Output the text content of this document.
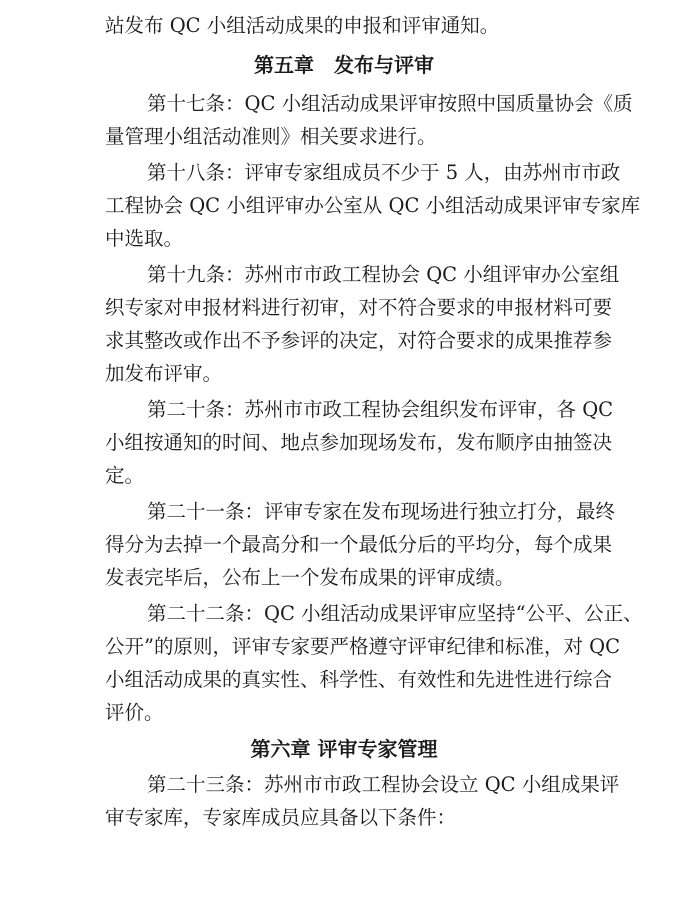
站发布 QC 小组活动成果的申报和评审通知。
第五章　发布与评审
第十七条：QC 小组活动成果评审按照中国质量协会《质
量管理小组活动准则》相关要求进行。
第十八条：评审专家组成员不少于 5 人，由苏州市市政
工程协会 QC 小组评审办公室从 QC 小组活动成果评审专家库
中选取。
第十九条：苏州市市政工程协会 QC 小组评审办公室组
织专家对申报材料进行初审，对不符合要求的申报材料可要
求其整改或作出不予参评的决定，对符合要求的成果推荐参
加发布评审。
第二十条：苏州市市政工程协会组织发布评审，各 QC
小组按通知的时间、地点参加现场发布，发布顺序由抽签决
定。
第二十一条：评审专家在发布现场进行独立打分，最终
得分为去掉一个最高分和一个最低分后的平均分，每个成果
发表完毕后，公布上一个发布成果的评审成绩。
第二十二条：QC 小组活动成果评审应坚持“公平、公正、
公开”的原则，评审专家要严格遵守评审纪律和标准，对 QC
小组活动成果的真实性、科学性、有效性和先进性进行综合
评价。
第六章 评审专家管理
第二十三条：苏州市市政工程协会设立 QC 小组成果评
审专家库，专家库成员应具备以下条件：
